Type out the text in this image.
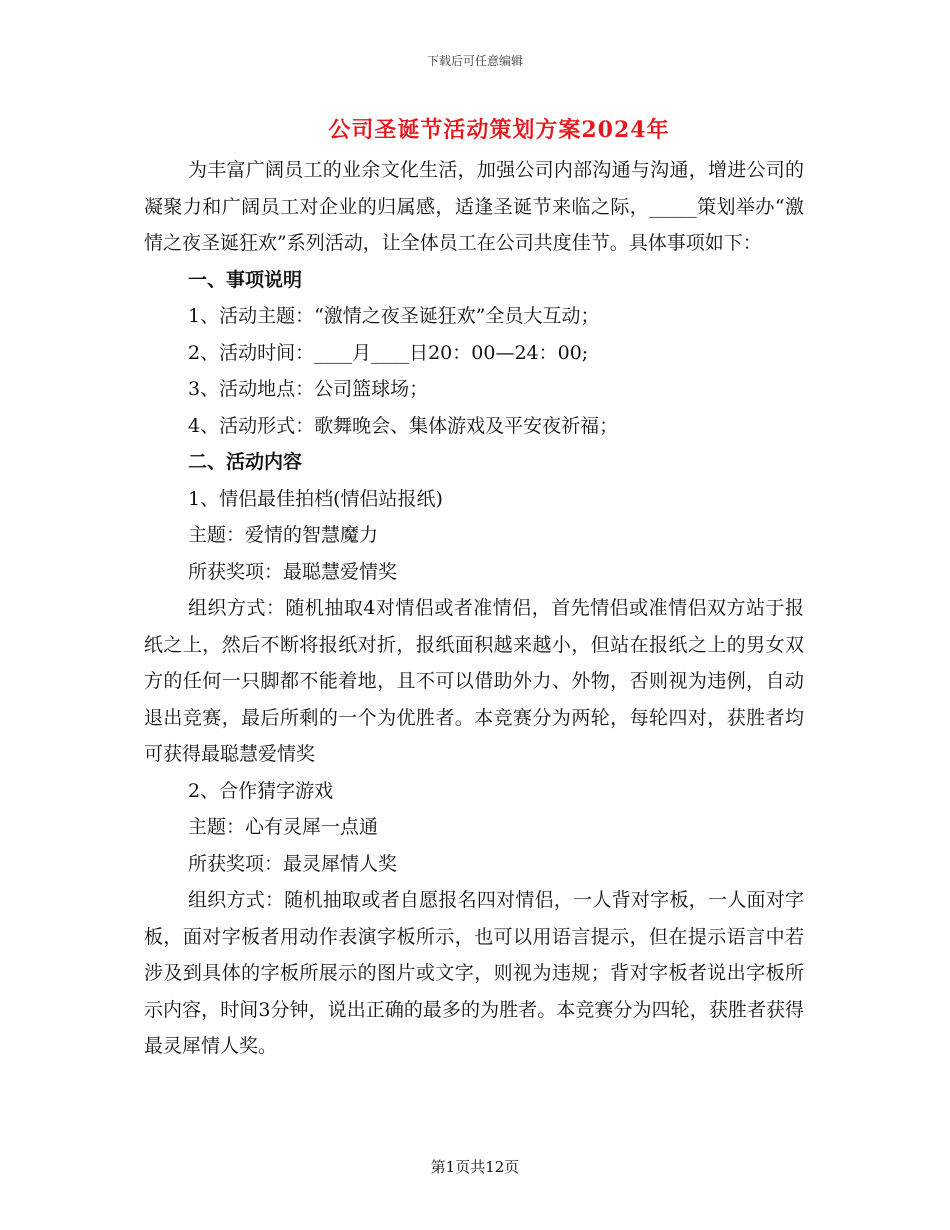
下载后可任意编辑
公司圣诞节活动策划方案2024年

为丰富广阔员工的业余文化生活，加强公司内部沟通与沟通，增进公司的凝聚力和广阔员工对企业的归属感，适逢圣诞节来临之际，_____策划举办“激情之夜圣诞狂欢”系列活动，让全体员工在公司共度佳节。具体事项如下：

一、事项说明

1、活动主题：“激情之夜圣诞狂欢”全员大互动；

2、活动时间：____月____日20：00—24：00;

3、活动地点：公司篮球场；

4、活动形式：歌舞晚会、集体游戏及平安夜祈福；

二、活动内容

1、情侣最佳拍档(情侣站报纸)

主题：爱情的智慧魔力

所获奖项：最聪慧爱情奖

组织方式：随机抽取4对情侣或者准情侣，首先情侣或准情侣双方站于报纸之上，然后不断将报纸对折，报纸面积越来越小，但站在报纸之上的男女双方的任何一只脚都不能着地，且不可以借助外力、外物，否则视为违例，自动退出竞赛，最后所剩的一个为优胜者。本竞赛分为两轮，每轮四对，获胜者均可获得最聪慧爱情奖

2、合作猜字游戏

主题：心有灵犀一点通

所获奖项：最灵犀情人奖

组织方式：随机抽取或者自愿报名四对情侣，一人背对字板，一人面对字板，面对字板者用动作表演字板所示，也可以用语言提示，但在提示语言中若涉及到具体的字板所展示的图片或文字，则视为违规；背对字板者说出字板所示内容，时间3分钟，说出正确的最多的为胜者。本竞赛分为四轮，获胜者获得最灵犀情人奖。

第1页共12页
